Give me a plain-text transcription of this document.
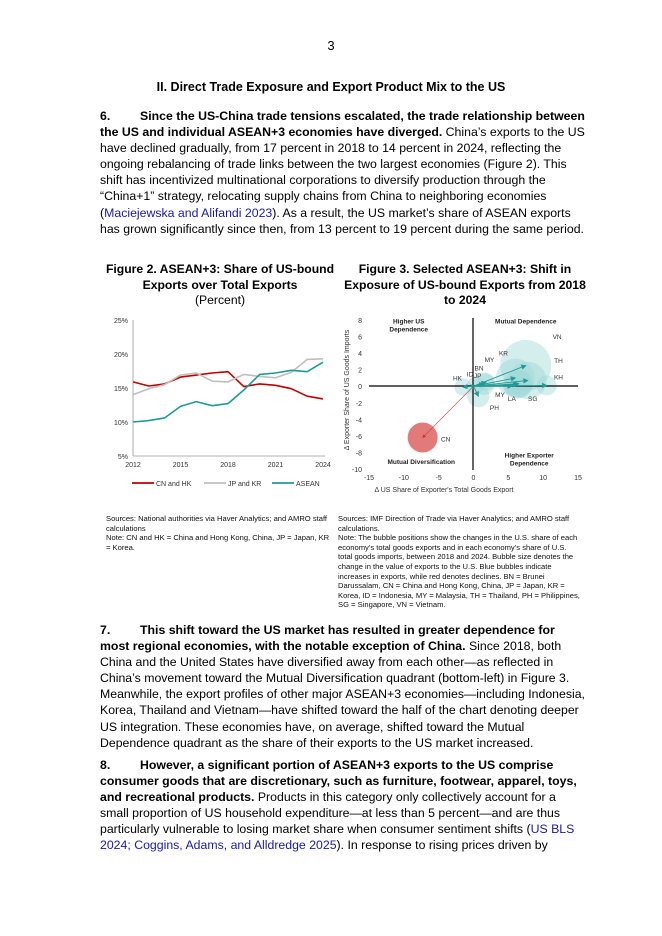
3
II. Direct Trade Exposure and Export Product Mix to the US
6. Since the US-China trade tensions escalated, the trade relationship between the US and individual ASEAN+3 economies have diverged. China’s exports to the US have declined gradually, from 17 percent in 2018 to 14 percent in 2024, reflecting the ongoing rebalancing of trade links between the two largest economies (Figure 2). This shift has incentivized multinational corporations to diversify production through the “China+1” strategy, relocating supply chains from China to neighboring economies (Maciejewska and Alifandi 2023). As a result, the US market’s share of ASEAN exports has grown significantly since then, from 13 percent to 19 percent during the same period.
Figure 2. ASEAN+3: Share of US-bound Exports over Total Exports
(Percent)
Figure 3. Selected ASEAN+3: Shift in Exposure of US-bound Exports from 2018 to 2024
5%
10%
15%
20%
25%
2012	2015	2018	2021	2024
CN and HK	JP and KR	ASEAN
VN
TH
KH
KR
MY
SG
LA
BN
JP
ID
PH
HK
CN
MY
-10
-8
-6
-4
-2
0
2
4
6
8
-15	-10	-5	0	5	10	15
Higher US
Dependence
Mutual Dependence
Mutual Diversification
Higher Exporter
Dependence
Δ US Share of Exporter's Total Goods Export
Δ Exporter Share of US Goods Imports
Sources: National authorities via Haver Analytics; and AMRO staff calculations
Note: CN and HK = China and Hong Kong, China, JP = Japan, KR = Korea.
Sources: IMF Direction of Trade via Haver Analytics; and AMRO staff calculations.
Note: The bubble positions show the changes in the U.S. share of each economy’s total goods exports and in each economy’s share of U.S. total goods imports, between 2018 and 2024. Bubble size denotes the change in the value of exports to the U.S. Blue bubbles indicate increases in exports, while red denotes declines. BN = Brunei Darussalam, CN = China and Hong Kong, China, JP = Japan, KR = Korea, ID = Indonesia, MY = Malaysia, TH = Thailand, PH = Philippines, SG = Singapore, VN = Vietnam.
7. This shift toward the US market has resulted in greater dependence for most regional economies, with the notable exception of China. Since 2018, both China and the United States have diversified away from each other—as reflected in China’s movement toward the Mutual Diversification quadrant (bottom-left) in Figure 3. Meanwhile, the export profiles of other major ASEAN+3 economies—including Indonesia, Korea, Thailand and Vietnam—have shifted toward the half of the chart denoting deeper US integration. These economies have, on average, shifted toward the Mutual Dependence quadrant as the share of their exports to the US market increased.
8. However, a significant portion of ASEAN+3 exports to the US comprise consumer goods that are discretionary, such as furniture, footwear, apparel, toys, and recreational products. Products in this category only collectively account for a small proportion of US household expenditure—at less than 5 percent—and are thus particularly vulnerable to losing market share when consumer sentiment shifts (US BLS 2024; Coggins, Adams, and Alldredge 2025). In response to rising prices driven by
